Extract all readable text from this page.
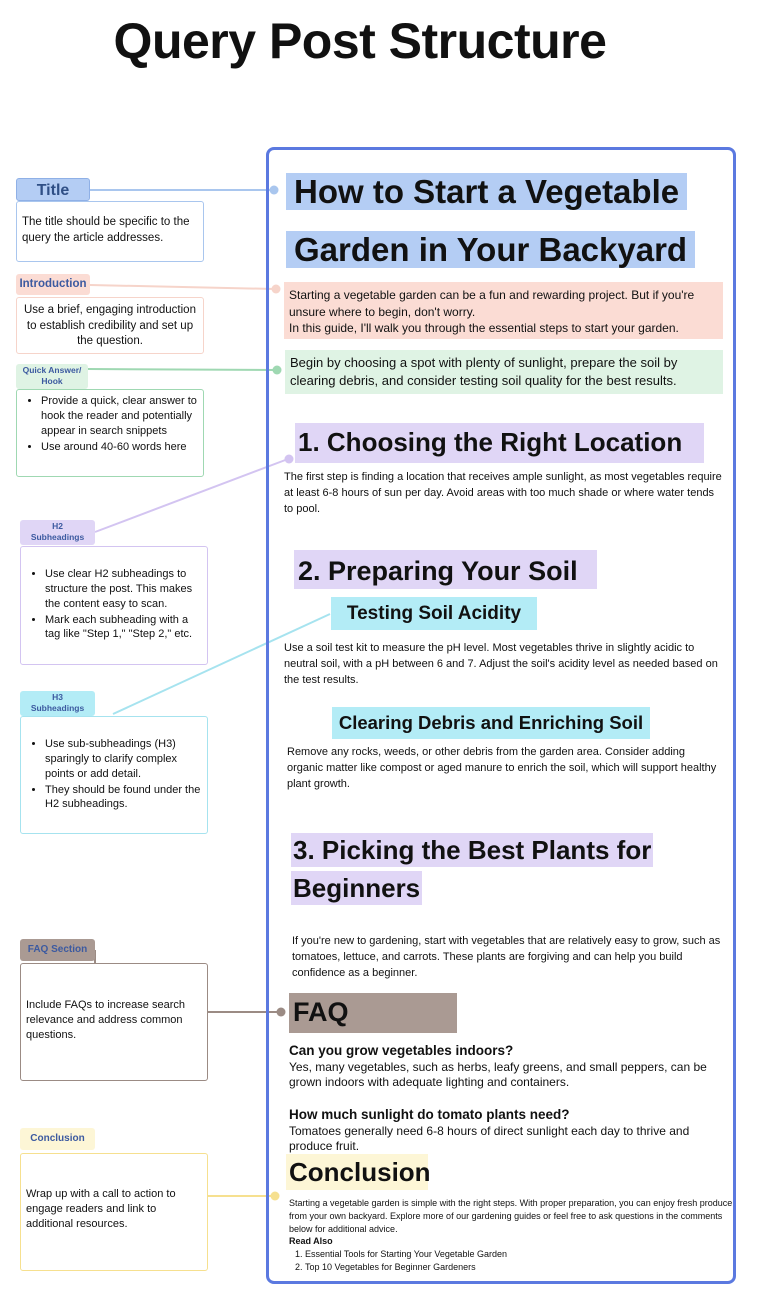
Query Post Structure
Title
The title should be specific to the query the article addresses.
Introduction
Use a brief, engaging introduction to establish credibility and set up the question.
Quick Answer/
Hook
• Provide a quick, clear answer to hook the reader and potentially appear in search snippets
• Use around 40-60 words here
H2
Subheadings
• Use clear H2 subheadings to structure the post. This makes the content easy to scan.
• Mark each subheading with a tag like "Step 1," "Step 2," etc.
H3
Subheadings
• Use sub-subheadings (H3) sparingly to clarify complex points or add detail.
• They should be found under the H2 subheadings.
FAQ Section
Include FAQs to increase search relevance and address common questions.
Conclusion
Wrap up with a call to action to engage readers and link to additional resources.
How to Start a Vegetable
Garden in Your Backyard
Starting a vegetable garden can be a fun and rewarding project. But if you're unsure where to begin, don't worry.
In this guide, I'll walk you through the essential steps to start your garden.
Begin by choosing a spot with plenty of sunlight, prepare the soil by clearing debris, and consider testing soil quality for the best results.
1. Choosing the Right Location

The first step is finding a location that receives ample sunlight, as most vegetables require at least 6-8 hours of sun per day. Avoid areas with too much shade or where water tends to pool.

2. Preparing Your Soil
Testing Soil Acidity

Use a soil test kit to measure the pH level. Most vegetables thrive in slightly acidic to neutral soil, with a pH between 6 and 7. Adjust the soil's acidity level as needed based on the test results.

Clearing Debris and Enriching Soil

Remove any rocks, weeds, or other debris from the garden area. Consider adding organic matter like compost or aged manure to enrich the soil, which will support healthy plant growth.

3. Picking the Best Plants for
Beginners

If you're new to gardening, start with vegetables that are relatively easy to grow, such as tomatoes, lettuce, and carrots. These plants are forgiving and can help you build confidence as a beginner.

FAQ
Can you grow vegetables indoors?
Yes, many vegetables, such as herbs, leafy greens, and small peppers, can be grown indoors with adequate lighting and containers.
How much sunlight do tomato plants need?
Tomatoes generally need 6-8 hours of direct sunlight each day to thrive and produce fruit.
Conclusion

Starting a vegetable garden is simple with the right steps. With proper preparation, you can enjoy fresh produce from your own backyard. Explore more of our gardening guides or feel free to ask questions in the comments below for additional advice.

Read Also
1. Essential Tools for Starting Your Vegetable Garden
2. Top 10 Vegetables for Beginner Gardeners
